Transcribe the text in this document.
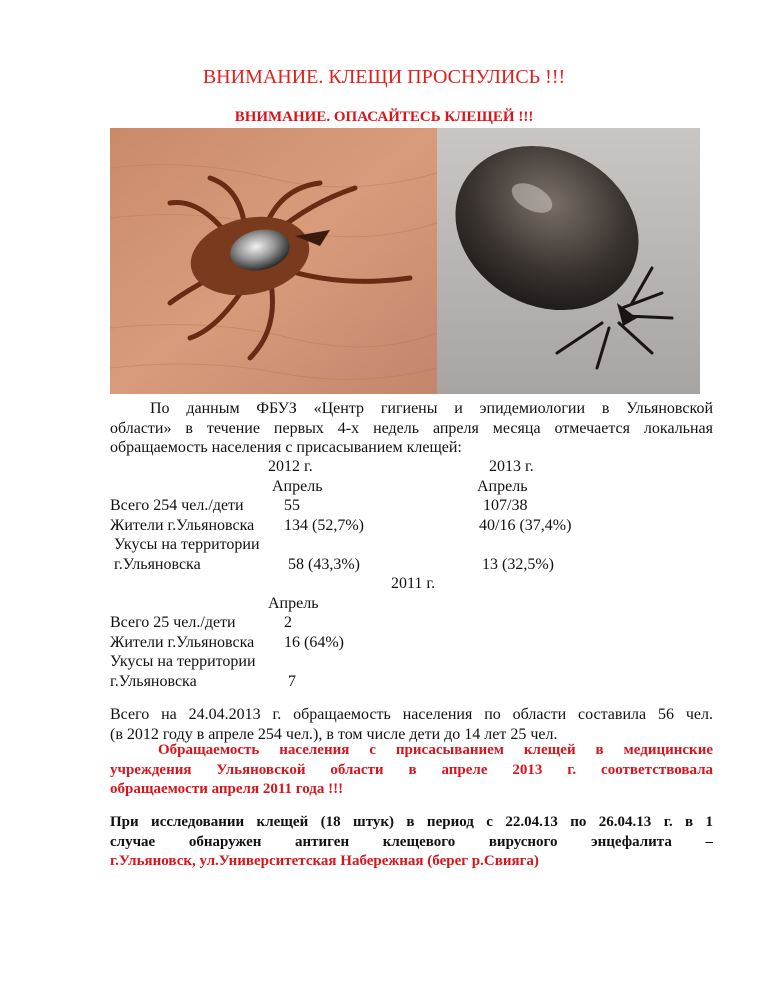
ВНИМАНИЕ. КЛЕЩИ ПРОСНУЛИСЬ !!!
ВНИМАНИЕ. ОПАСАЙТЕСЬ КЛЕЩЕЙ !!!
По данным ФБУЗ «Центр гигиены и эпидемиологии в Ульяновской
области» в течение первых 4-х недель апреля месяца отмечается локальная
обращаемость населения с присасыванием клещей:
2012 г.	2013 г.
Апрель	Апрель
Всего 254 чел./дети	55	107/38
Жители г.Ульяновска 134 (52,7%)	40/16 (37,4%)
Укусы на территории
г.Ульяновска	58 (43,3%)	13 (32,5%)
2011 г.
Апрель
Всего 25 чел./дети	2
Жители г.Ульяновска 16 (64%)
Укусы на территории
г.Ульяновска	7
Всего на 24.04.2013 г. обращаемость населения по области составила 56 чел.
(в 2012 году в апреле 254 чел.), в том числе дети до 14 лет 25 чел.
Обращаемость населения с присасыванием клещей в медицинские
учреждения Ульяновской области в апреле 2013 г. соответствовала
обращаемости апреля 2011 года !!!
При исследовании клещей (18 штук) в период с 22.04.13 по 26.04.13 г. в 1
случае обнаружен антиген клещевого вирусного энцефалита –
г.Ульяновск, ул.Университетская Набережная (берег р.Свияга)
